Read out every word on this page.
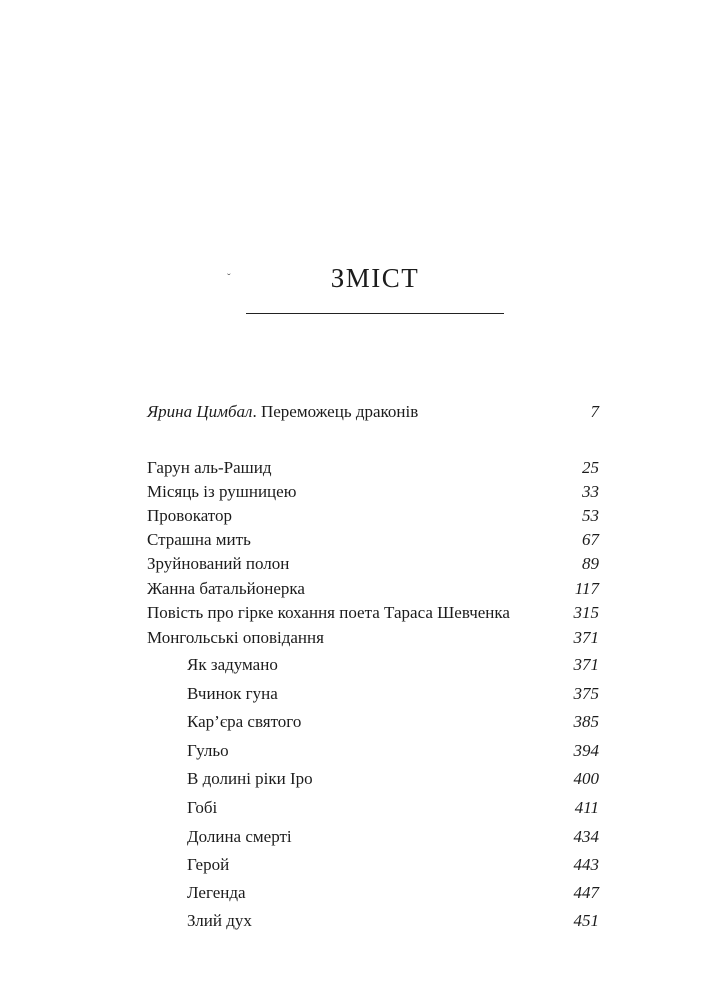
ˇ	ЗМІСТ
Ярина Цимбал. Переможець драконів	7
Гарун аль-Рашид	25
Місяць із рушницею	33
Провокатор	53
Страшна мить	67
Зруйнований полон	89
Жанна батальйонерка	117
Повість про гірке кохання поета Тараса Шевченка	315
Монгольські оповідання	371
Як задумано	371
Вчинок гуна	375
Кар’єра святого	385
Гульо	394
В долині ріки Іро	400
Гобі	411
Долина смерті	434
Герой	443
Легенда	447
Злий дух	451
